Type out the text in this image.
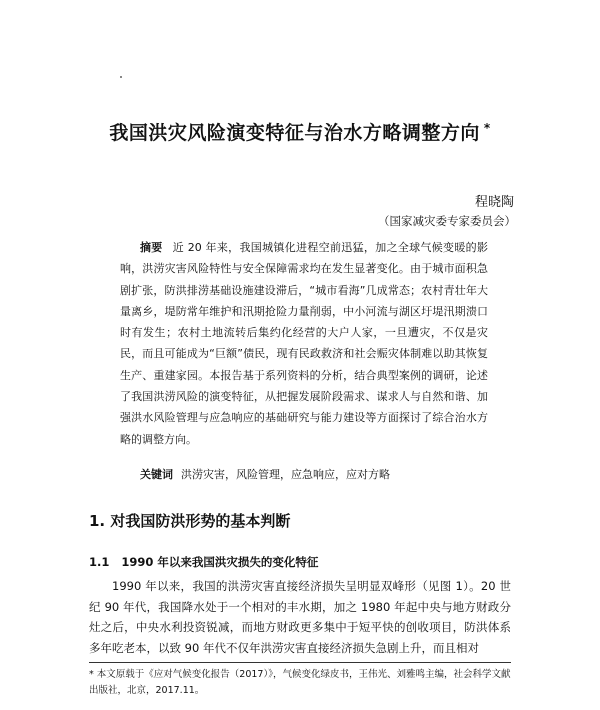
我国洪灾风险演变特征与治水方略调整方向 *
程晓陶
（国家减灾委专家委员会）
摘要 近 20 年来，我国城镇化进程空前迅猛，加之全球气候变暖的影响，洪涝灾害风险特性与安全保障需求均在发生显著变化。由于城市面积急剧扩张，防洪排涝基础设施建设滞后，“城市看海”几成常态；农村青壮年大量离乡，堤防常年维护和汛期抢险力量削弱，中小河流与湖区圩堤汛期溃口时有发生；农村土地流转后集约化经营的大户人家，一旦遭灾，不仅是灾民，而且可能成为“巨额”债民，现有民政救济和社会赈灾体制难以助其恢复生产、重建家园。本报告基于系列资料的分析，结合典型案例的调研，论述了我国洪涝风险的演变特征，从把握发展阶段需求、谋求人与自然和谐、加强洪水风险管理与应急响应的基础研究与能力建设等方面探讨了综合治水方略的调整方向。
关键词 洪涝灾害，风险管理，应急响应，应对方略
1. 对我国防洪形势的基本判断
1.1 1990 年以来我国洪灾损失的变化特征

1990 年以来，我国的洪涝灾害直接经济损失呈明显双峰形（见图 1）。20 世纪 90 年代，我国降水处于一个相对的丰水期，加之 1980 年起中央与地方财政分灶之后，中央水利投资锐减，而地方财政更多集中于短平快的创收项目，防洪体系多年吃老本，以致 90 年代不仅年洪涝灾害直接经济损失急剧上升，而且相对

* 本文原载于《应对气候变化报告（2017）》，气候变化绿皮书，王伟光、刘雅鸣主编，社会科学文献出版社，北京，2017.11。
